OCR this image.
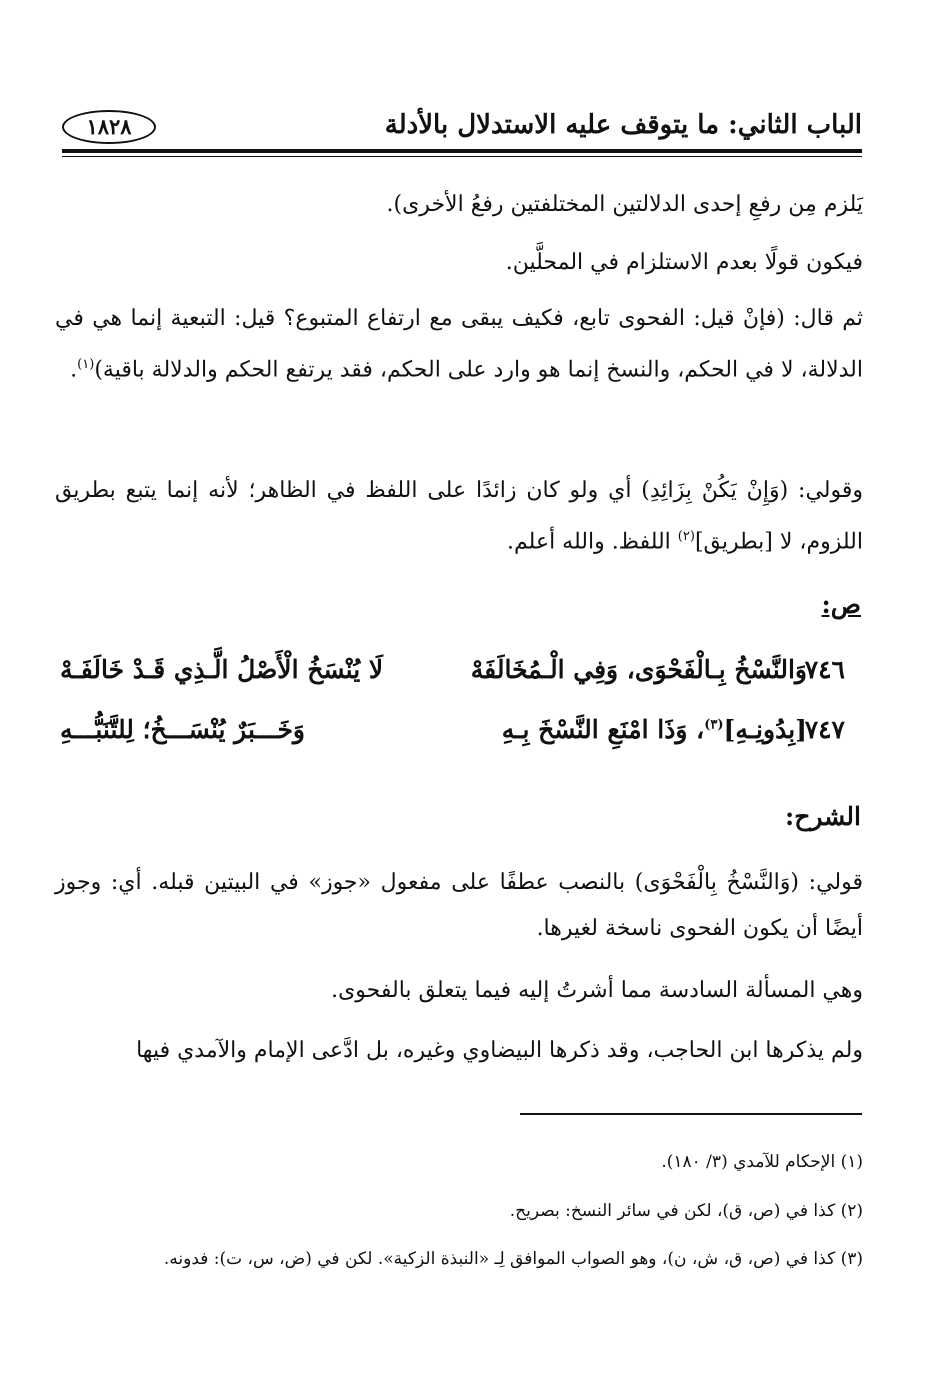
الباب الثاني: ما يتوقف عليه الاستدلال بالأدلة
١٨٢٨

يَلزم مِن رفعِ إحدى الدلالتين المختلفتين رفعُ الأخرى).

فيكون قولًا بعدم الاستلزام في المحلَّين.

ثم قال: (فإنْ قيل: الفحوى تابع، فكيف يبقى مع ارتفاع المتبوع؟ قيل: التبعية إنما هي في الدلالة، لا في الحكم، والنسخ إنما هو وارد على الحكم، فقد يرتفع الحكم والدلالة باقية)$^{(١)}$.

وقولي: (وَإِنْ يَكُنْ بِزَائِدِ) أي ولو كان زائدًا على اللفظ في الظاهر؛ لأنه إنما يتبع بطريق اللزوم، لا [بطريق]$^{(٢)}$ اللفظ. والله أعلم.

ص:
٧٤٦
وَالنَّسْخُ بِـالْفَحْوَى، وَفِي الْـمُخَالَفَهْ
لَا يُنْسَخُ الْأَصْلُ الَّـذِي قَـدْ خَالَفَـهْ
٧٤٧
[بِدُونِـهِ]$^{(٣)}$، وَذَا امْنَعِ النَّسْخَ بِـهِ
وَخَـــبَرٌ يُنْسَـــخُ؛ لِلتَّنَبُّـــهِ
الشرح:

قولي: (وَالنَّسْخُ بِالْفَحْوَى) بالنصب عطفًا على مفعول «جوز» في البيتين قبله. أي: وجوز أيضًا أن يكون الفحوى ناسخة لغيرها.

وهي المسألة السادسة مما أشرتُ إليه فيما يتعلق بالفحوى.

ولم يذكرها ابن الحاجب، وقد ذكرها البيضاوي وغيره، بل ادَّعى الإمام والآمدي فيها

(١) الإحكام للآمدي (٣/ ١٨٠).

(٢) كذا في (ص، ق)، لكن في سائر النسخ: بصريح.

(٣) كذا في (ص، ق، ش، ن)، وهو الصواب الموافق لِـ «النبذة الزكية». لكن في (ض، س، ت): فدونه.
